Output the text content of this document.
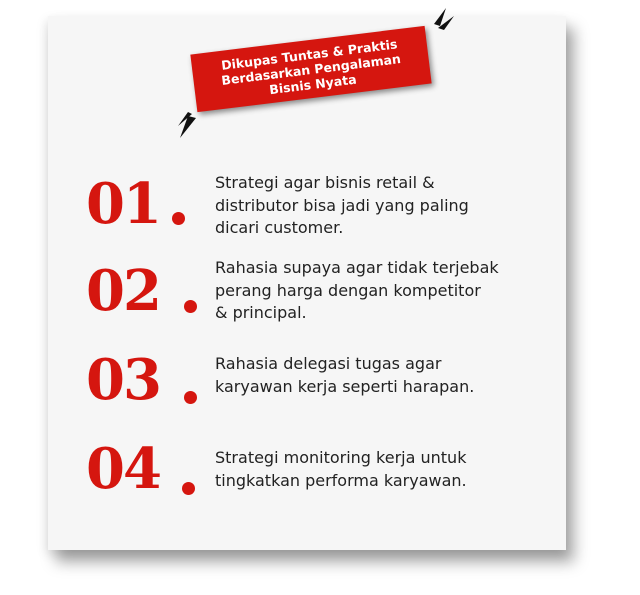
Dikupas Tuntas & Praktis
Berdasarkan Pengalaman
Bisnis Nyata
01	Strategi agar bisnis retail &
distributor bisa jadi yang paling
dicari customer.
02	Rahasia supaya agar tidak terjebak
perang harga dengan kompetitor
& principal.
03	Rahasia delegasi tugas agar
karyawan kerja seperti harapan.
04	Strategi monitoring kerja untuk
tingkatkan performa karyawan.
